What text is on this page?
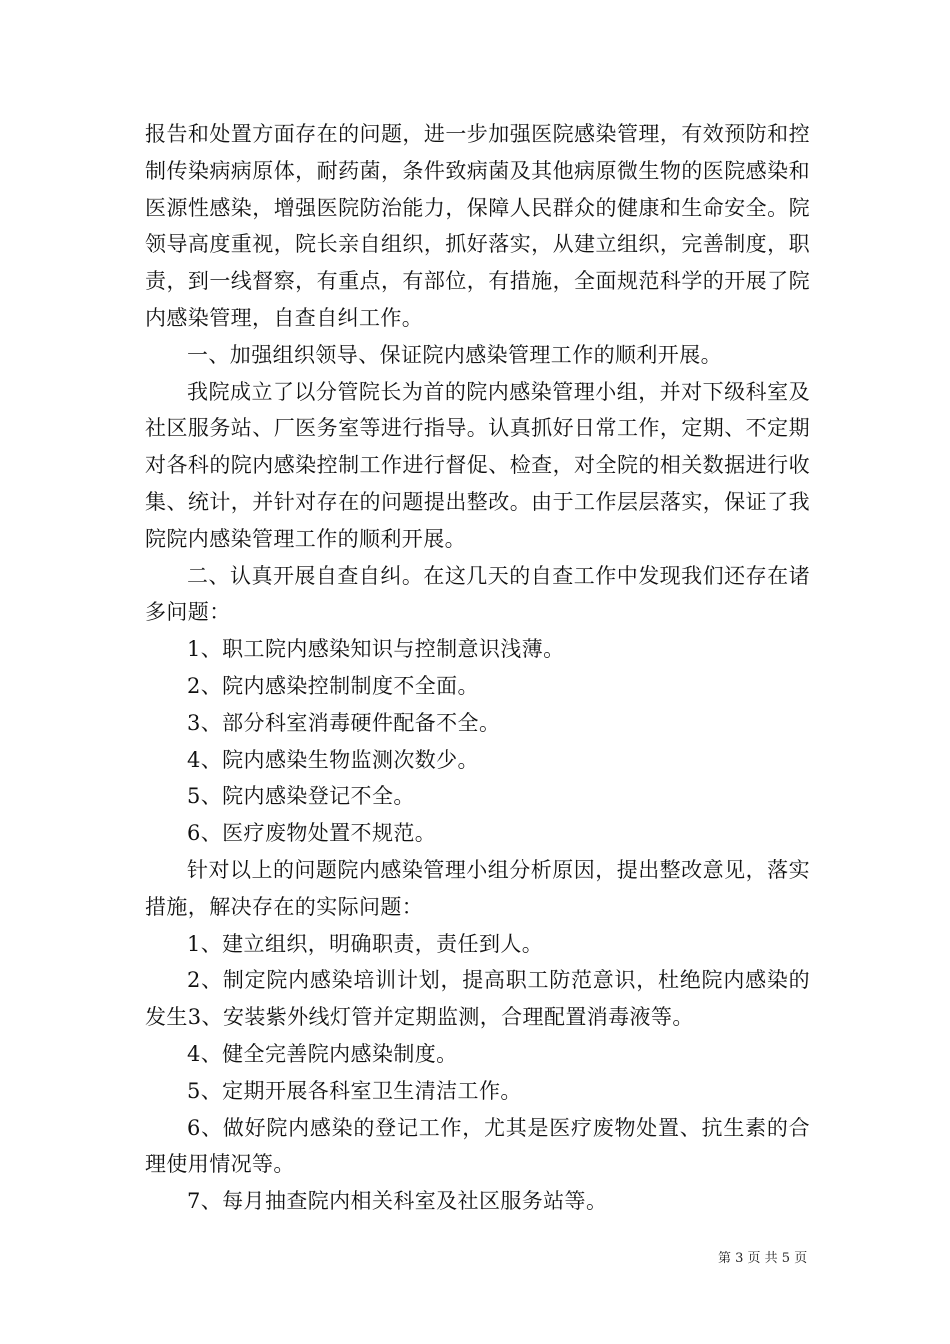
报告和处置方面存在的问题，进一步加强医院感染管理，有效预防和控制传染病病原体，耐药菌，条件致病菌及其他病原微生物的医院感染和医源性感染，增强医院防治能力，保障人民群众的健康和生命安全。院领导高度重视，院长亲自组织，抓好落实，从建立组织，完善制度，职责，到一线督察，有重点，有部位，有措施，全面规范科学的开展了院内感染管理，自查自纠工作。

一、加强组织领导、保证院内感染管理工作的顺利开展。

我院成立了以分管院长为首的院内感染管理小组，并对下级科室及社区服务站、厂医务室等进行指导。认真抓好日常工作，定期、不定期对各科的院内感染控制工作进行督促、检查，对全院的相关数据进行收集、统计，并针对存在的问题提出整改。由于工作层层落实，保证了我院院内感染管理工作的顺利开展。

二、认真开展自查自纠。在这几天的自查工作中发现我们还存在诸多问题：

1、职工院内感染知识与控制意识浅薄。

2、院内感染控制制度不全面。

3、部分科室消毒硬件配备不全。

4、院内感染生物监测次数少。

5、院内感染登记不全。

6、医疗废物处置不规范。

针对以上的问题院内感染管理小组分析原因，提出整改意见，落实措施，解决存在的实际问题：

1、建立组织，明确职责，责任到人。

2、制定院内感染培训计划，提高职工防范意识，杜绝院内感染的发生3、安装紫外线灯管并定期监测，合理配置消毒液等。

4、健全完善院内感染制度。

5、定期开展各科室卫生清洁工作。

6、做好院内感染的登记工作，尤其是医疗废物处置、抗生素的合理使用情况等。

7、每月抽查院内相关科室及社区服务站等。

第 3 页 共 5 页
